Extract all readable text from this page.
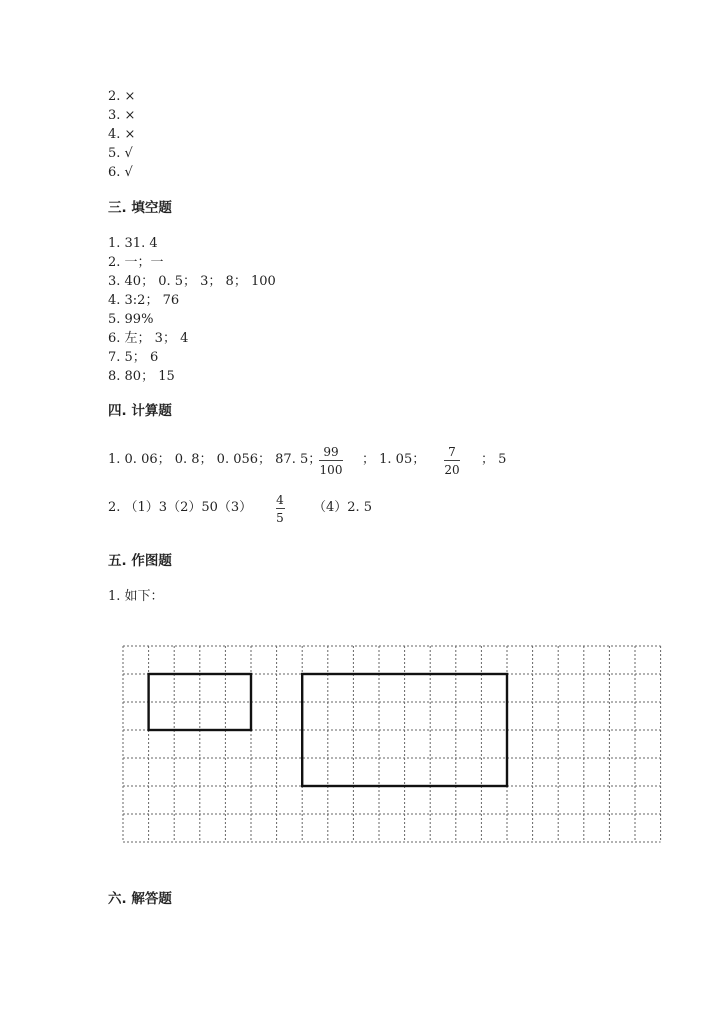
2. ×
3. ×
4. ×
5. √
6. √
三. 填空题
1. 31. 4
2. 一；一
3. 40； 0. 5； 3； 8； 100
4. 3:2； 76
5. 99%
6. 左； 3； 4
7. 5； 6
8. 80； 15
四. 计算题
1. 0. 06； 0. 8； 0. 056； 87. 5； 99
100
； 1. 05； 7
20
； 5
2. （1）3（2）50（3） 4
5
（4）2. 5
五. 作图题
1. 如下：
六. 解答题
